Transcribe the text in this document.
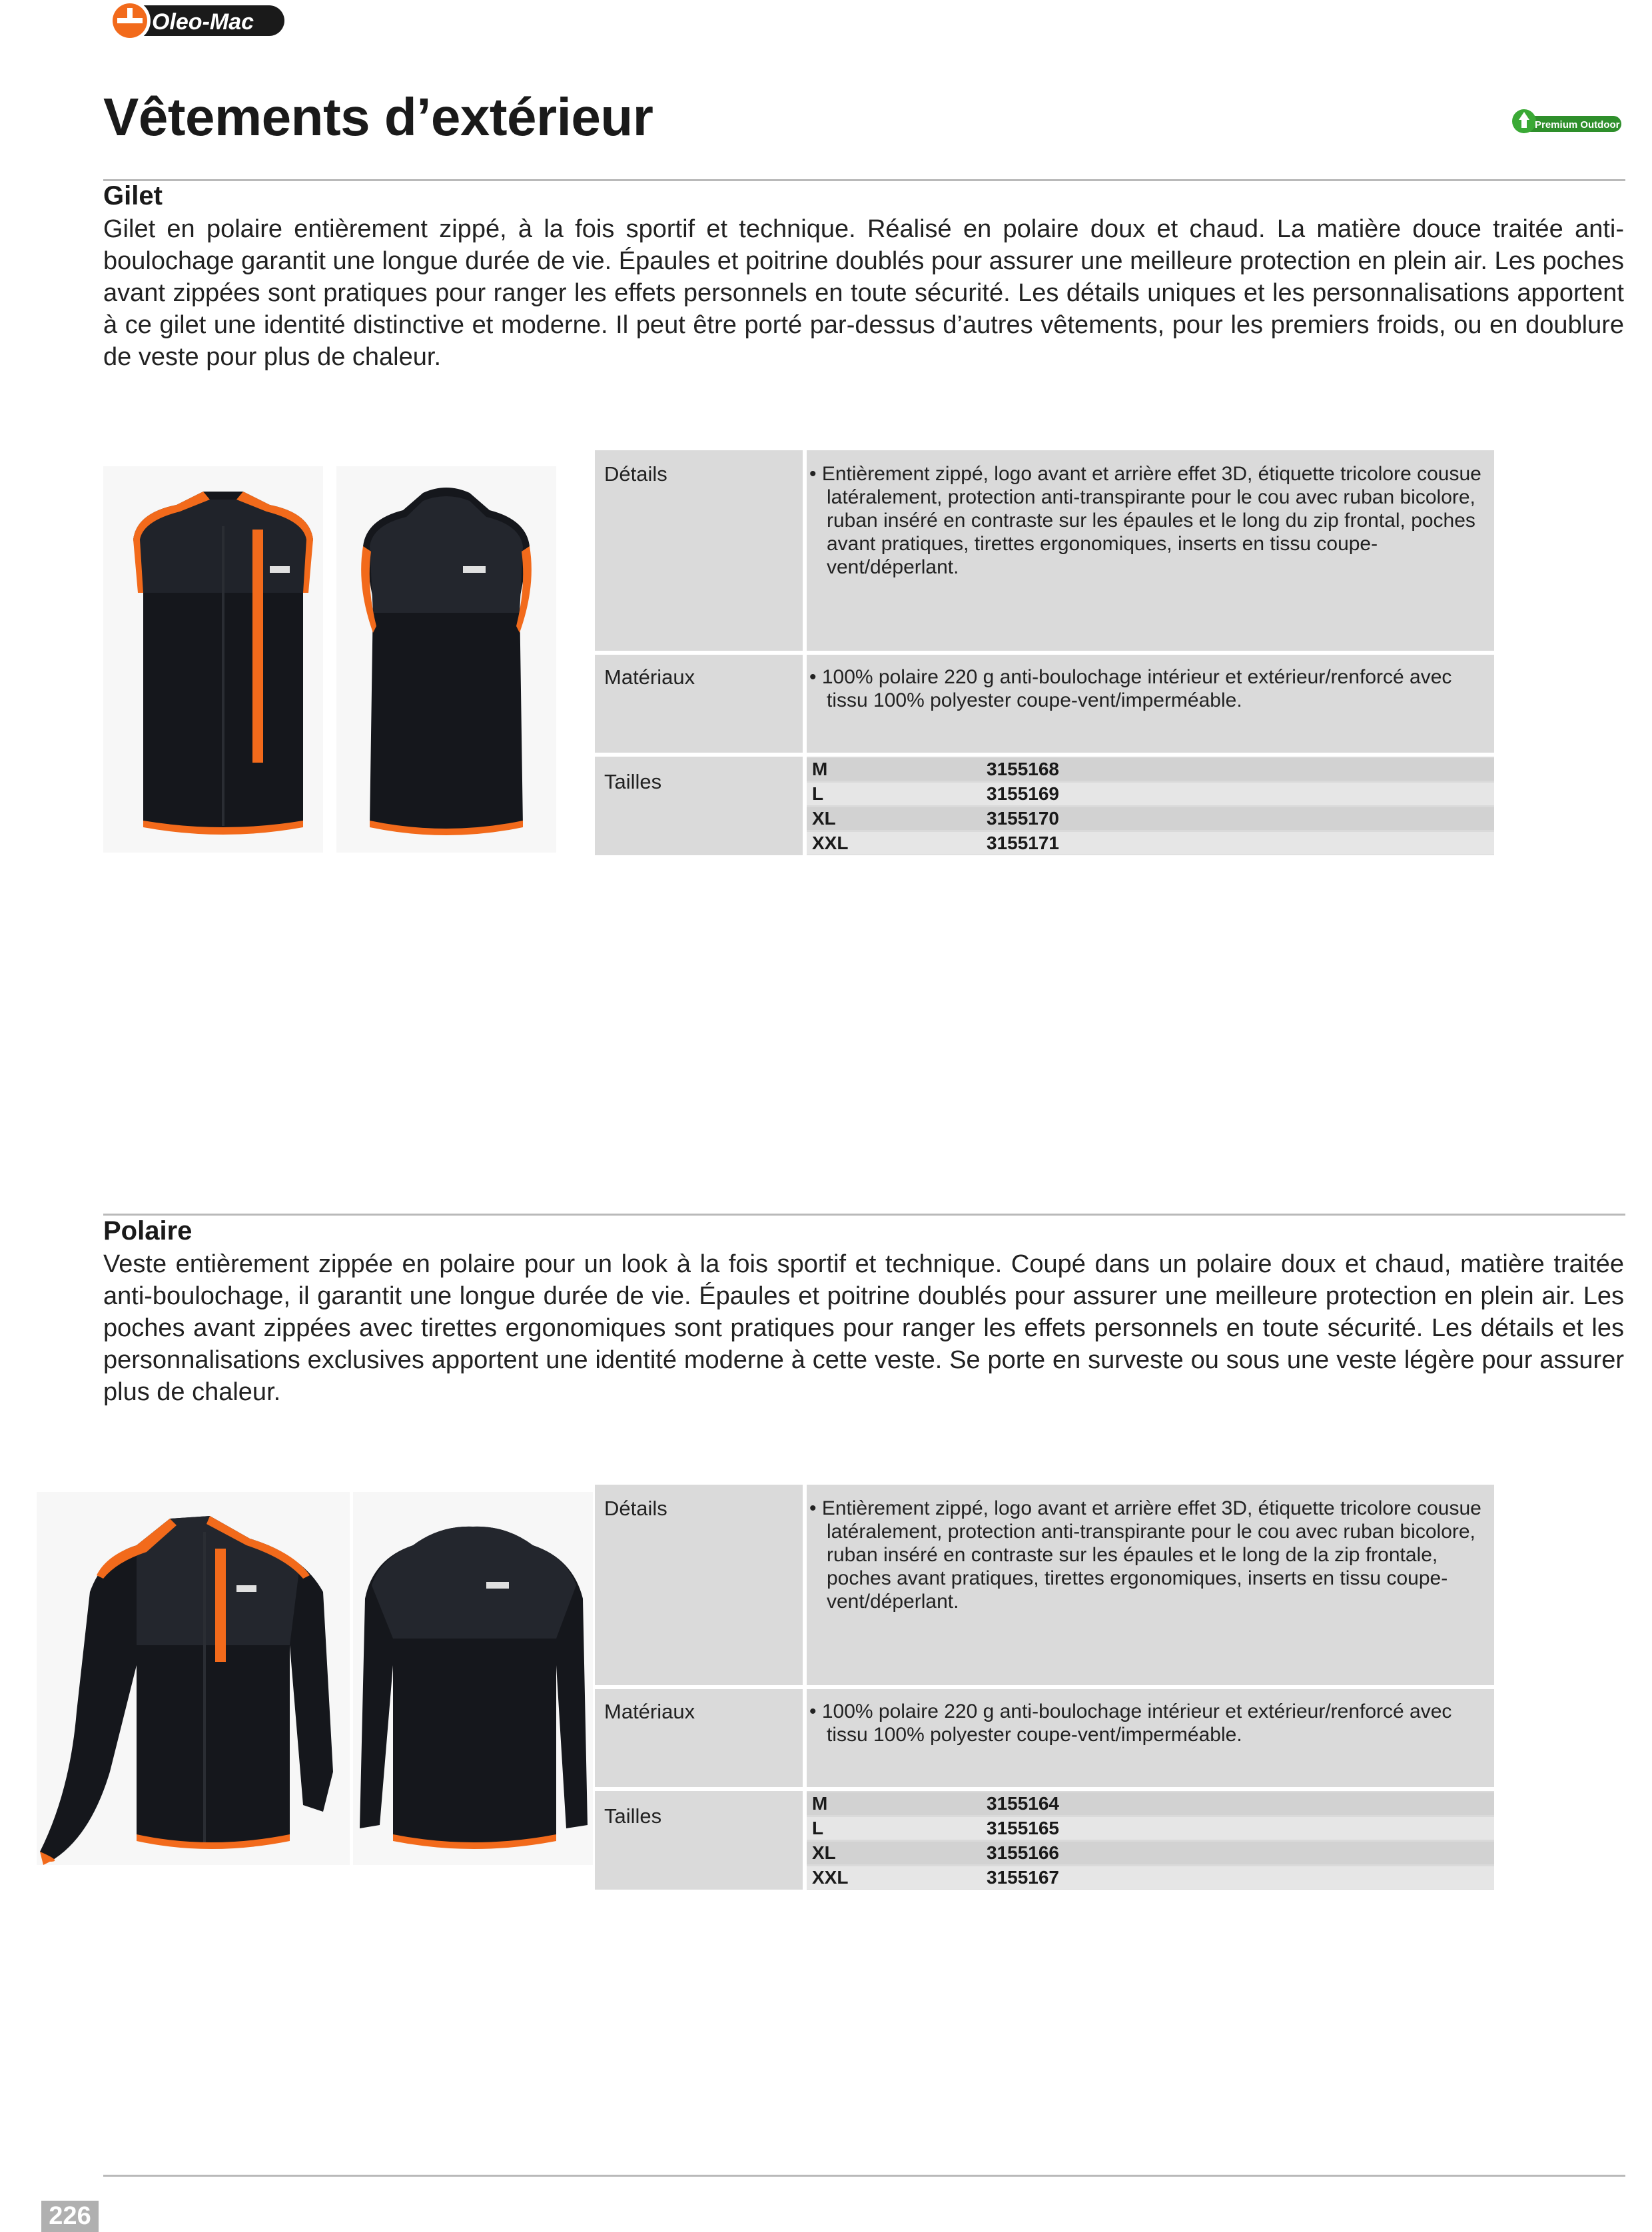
Oleo-Mac
Premium Outdoor
Vêtements d’extérieur
Gilet

Gilet en polaire entièrement zippé, à la fois sportif et technique. Réalisé en polaire doux et chaud. La matière douce traitée anti-boulochage garantit une longue durée de vie. Épaules et poitrine doublés pour assurer une meilleure protection en plein air. Les poches avant zippées sont pratiques pour ranger les effets personnels en toute sécurité. Les détails uniques et les personnalisations apportent à ce gilet une identité distinctive et moderne. Il peut être porté par-dessus d’autres vêtements, pour les premiers froids, ou en doublure de veste pour plus de chaleur.

Détails	• Entièrement zippé, logo avant et arrière effet 3D, étiquette tricolore cousue latéralement, protection anti-transpirante pour le cou avec ruban bicolore, ruban inséré en contraste sur les épaules et le long du zip frontal, poches avant pratiques, tirettes ergonomiques, inserts en tissu coupe-vent/déperlant.
Matériaux	• 100% polaire 220 g anti-boulochage intérieur et extérieur/renforcé avec tissu 100% polyester coupe-vent/imperméable.
Tailles
M	3155168
L	3155169
XL	3155170
XXL	3155171
Polaire

Veste entièrement zippée en polaire pour un look à la fois sportif et technique. Coupé dans un polaire doux et chaud, matière traitée anti-boulochage, il garantit une longue durée de vie. Épaules et poitrine doublés pour assurer une meilleure protection en plein air. Les poches avant zippées avec tirettes ergonomiques sont pratiques pour ranger les effets personnels en toute sécurité. Les détails et les personnalisations exclusives apportent une identité moderne à cette veste. Se porte en surveste ou sous une veste légère pour assurer plus de chaleur.

Détails	• Entièrement zippé, logo avant et arrière effet 3D, étiquette tricolore cousue latéralement, protection anti-transpirante pour le cou avec ruban bicolore, ruban inséré en contraste sur les épaules et le long de la zip frontale, poches avant pratiques, tirettes ergonomiques, inserts en tissu coupe-vent/déperlant.
Matériaux	• 100% polaire 220 g anti-boulochage intérieur et extérieur/renforcé avec tissu 100% polyester coupe-vent/imperméable.
Tailles
M	3155164
L	3155165
XL	3155166
XXL	3155167
226
